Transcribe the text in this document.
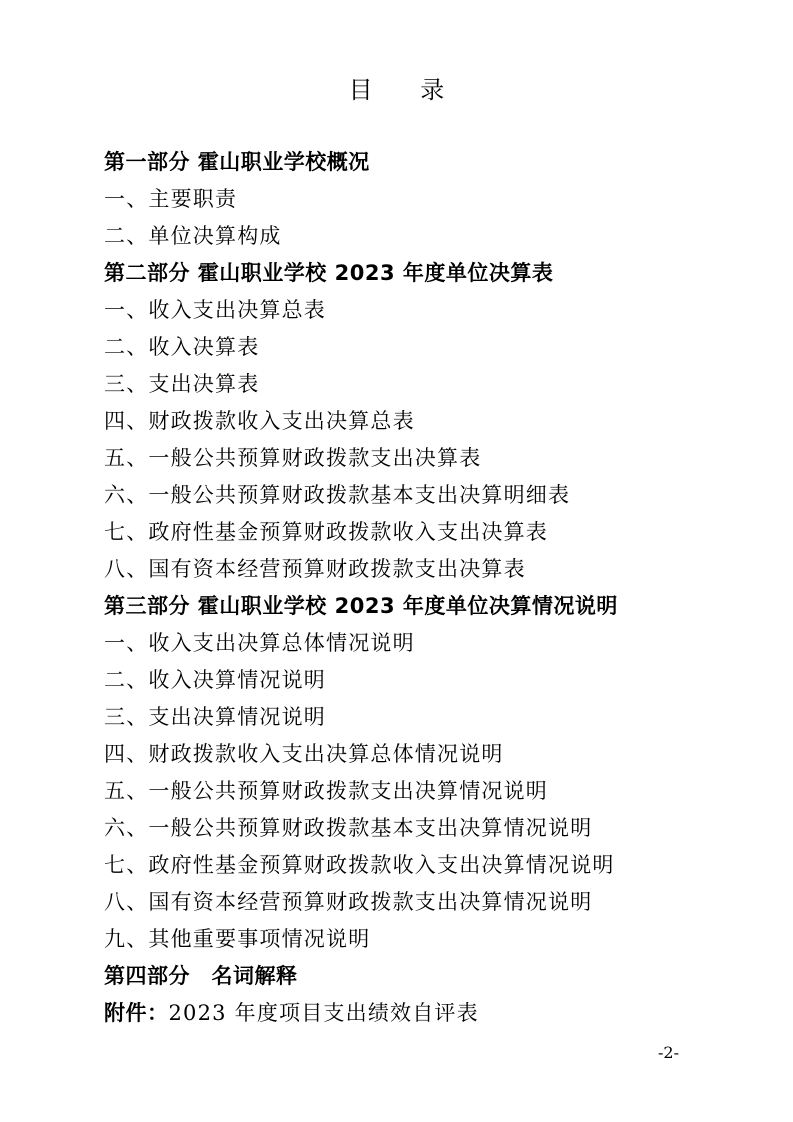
目 录
第一部分 霍山职业学校概况
一、主要职责
二、单位决算构成
第二部分 霍山职业学校 2023 年度单位决算表
一、收入支出决算总表
二、收入决算表
三、支出决算表
四、财政拨款收入支出决算总表
五、一般公共预算财政拨款支出决算表
六、一般公共预算财政拨款基本支出决算明细表
七、政府性基金预算财政拨款收入支出决算表
八、国有资本经营预算财政拨款支出决算表
第三部分 霍山职业学校 2023 年度单位决算情况说明
一、收入支出决算总体情况说明
二、收入决算情况说明
三、支出决算情况说明
四、财政拨款收入支出决算总体情况说明
五、一般公共预算财政拨款支出决算情况说明
六、一般公共预算财政拨款基本支出决算情况说明
七、政府性基金预算财政拨款收入支出决算情况说明
八、国有资本经营预算财政拨款支出决算情况说明
九、其他重要事项情况说明
第四部分　名词解释
附件：2023 年度项目支出绩效自评表
-2-
